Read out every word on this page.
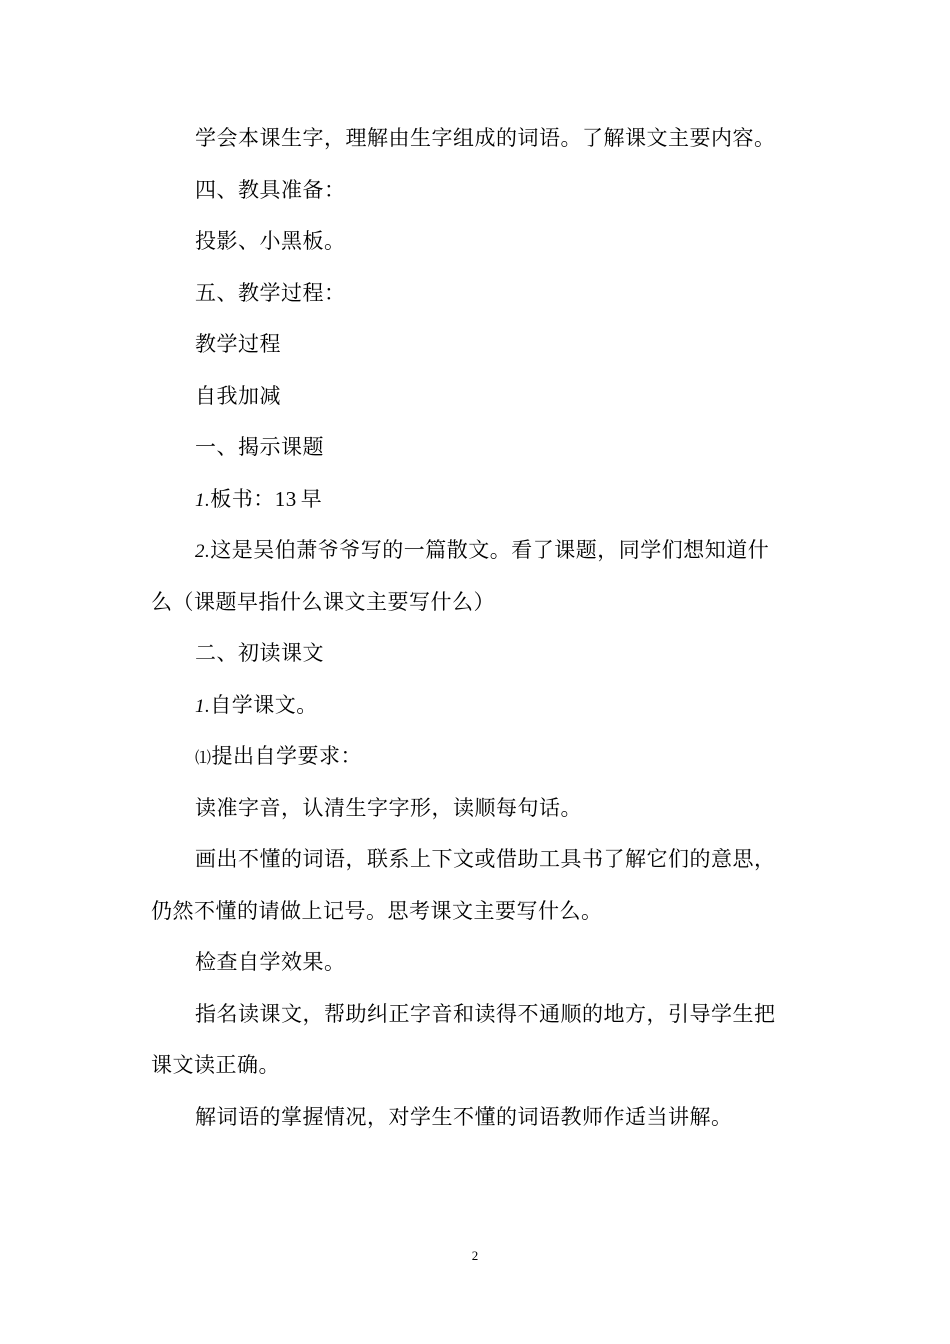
学会本课生字，理解由生字组成的词语。了解课文主要内容。
四、教具准备：
投影、小黑板。
五、教学过程：
教学过程
自我加减
一、揭示课题
1.板书：13 早
2.这是吴伯萧爷爷写的一篇散文。看了课题，同学们想知道什
么（课题早指什么课文主要写什么）
二、初读课文
1.自学课文。
⑴提出自学要求：
读准字音，认清生字字形，读顺每句话。
画出不懂的词语，联系上下文或借助工具书了解它们的意思，
仍然不懂的请做上记号。思考课文主要写什么。
检查自学效果。
指名读课文，帮助纠正字音和读得不通顺的地方，引导学生把
课文读正确。
解词语的掌握情况，对学生不懂的词语教师作适当讲解。
2
